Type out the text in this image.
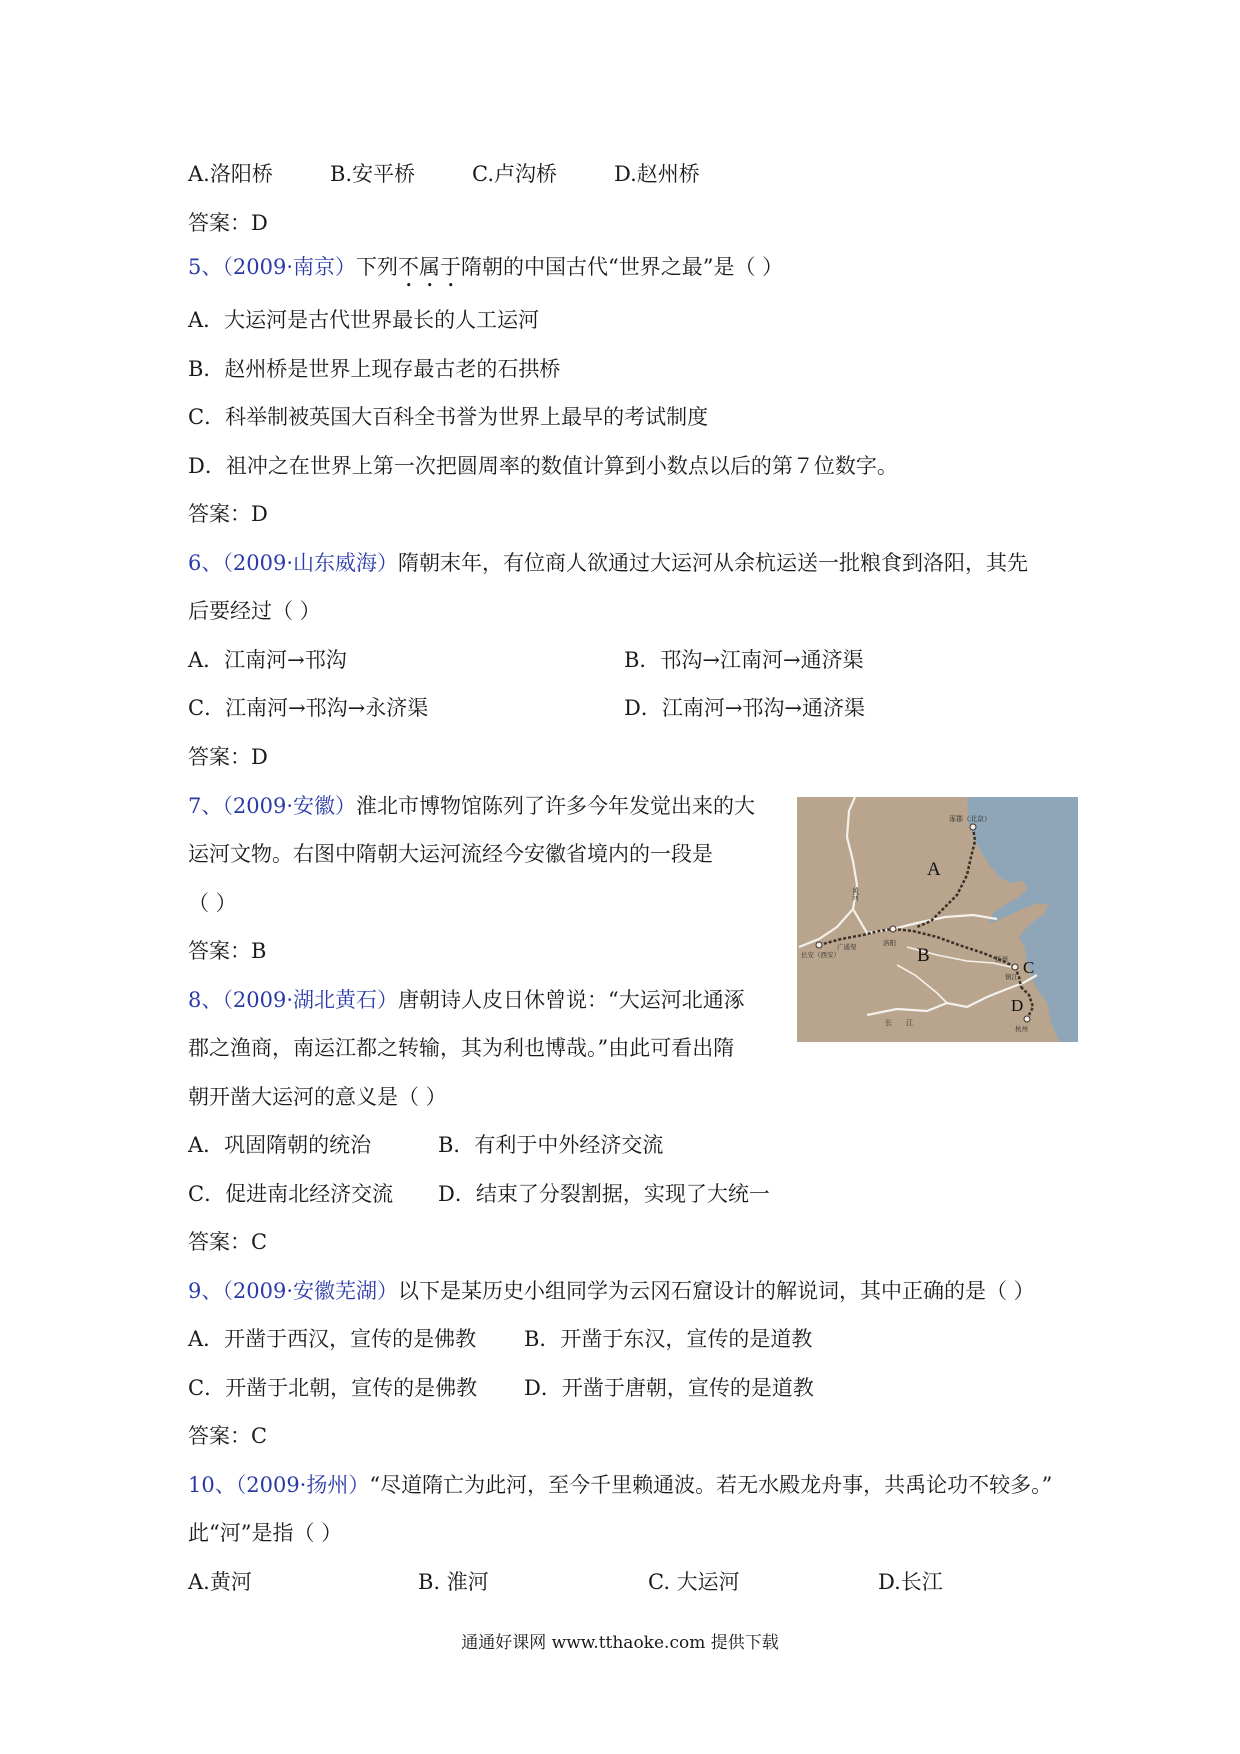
A.洛阳桥	B.安平桥	C.卢沟桥	D.赵州桥
答案：D
5、（2009·南京）下列不属于隋朝的中国古代“世界之最”是（ ）
A．大运河是古代世界最长的人工运河
B．赵州桥是世界上现存最古老的石拱桥
C．科举制被英国大百科全书誉为世界上最早的考试制度
D．祖冲之在世界上第一次把圆周率的数值计算到小数点以后的第７位数字。
答案：D
6、（2009·山东威海）隋朝末年，有位商人欲通过大运河从余杭运送一批粮食到洛阳，其先
后要经过（ ）
A．江南河→邗沟	B．邗沟→江南河→通济渠
C．江南河→邗沟→永济渠	D．江南河→邗沟→通济渠
答案：D
7、（2009·安徽）淮北市博物馆陈列了许多今年发觉出来的大
运河文物。右图中隋朝大运河流经今安徽省境内的一段是
（ ）
答案：B
8、（2009·湖北黄石）唐朝诗人皮日休曾说：“大运河北通涿
郡之渔商，南运江都之转输，其为利也博哉。”由此可看出隋
朝开凿大运河的意义是（ ）
A．巩固隋朝的统治	B．有利于中外经济交流
C．促进南北经济交流 D．结束了分裂割据，实现了大统一
答案：C
9、（2009·安徽芜湖）以下是某历史小组同学为云冈石窟设计的解说词，其中正确的是（ ）
A．开凿于西汉，宣传的是佛教 B．开凿于东汉，宣传的是道教
C．开凿于北朝，宣传的是佛教 D．开凿于唐朝，宣传的是道教
答案：C
10、（2009·扬州）“尽道隋亡为此河，至今千里赖通波。若无水殿龙舟事，共禹论功不较多。”
此“河”是指（ ）
A.黄河	B. 淮河	C. 大运河	D.长江
涿郡（北京）
黄河
A
B
C
D
长安（西安）
广通渠
洛阳
扬州
镇江
杭州
长江
通通好课网 www.tthaoke.com 提供下载
